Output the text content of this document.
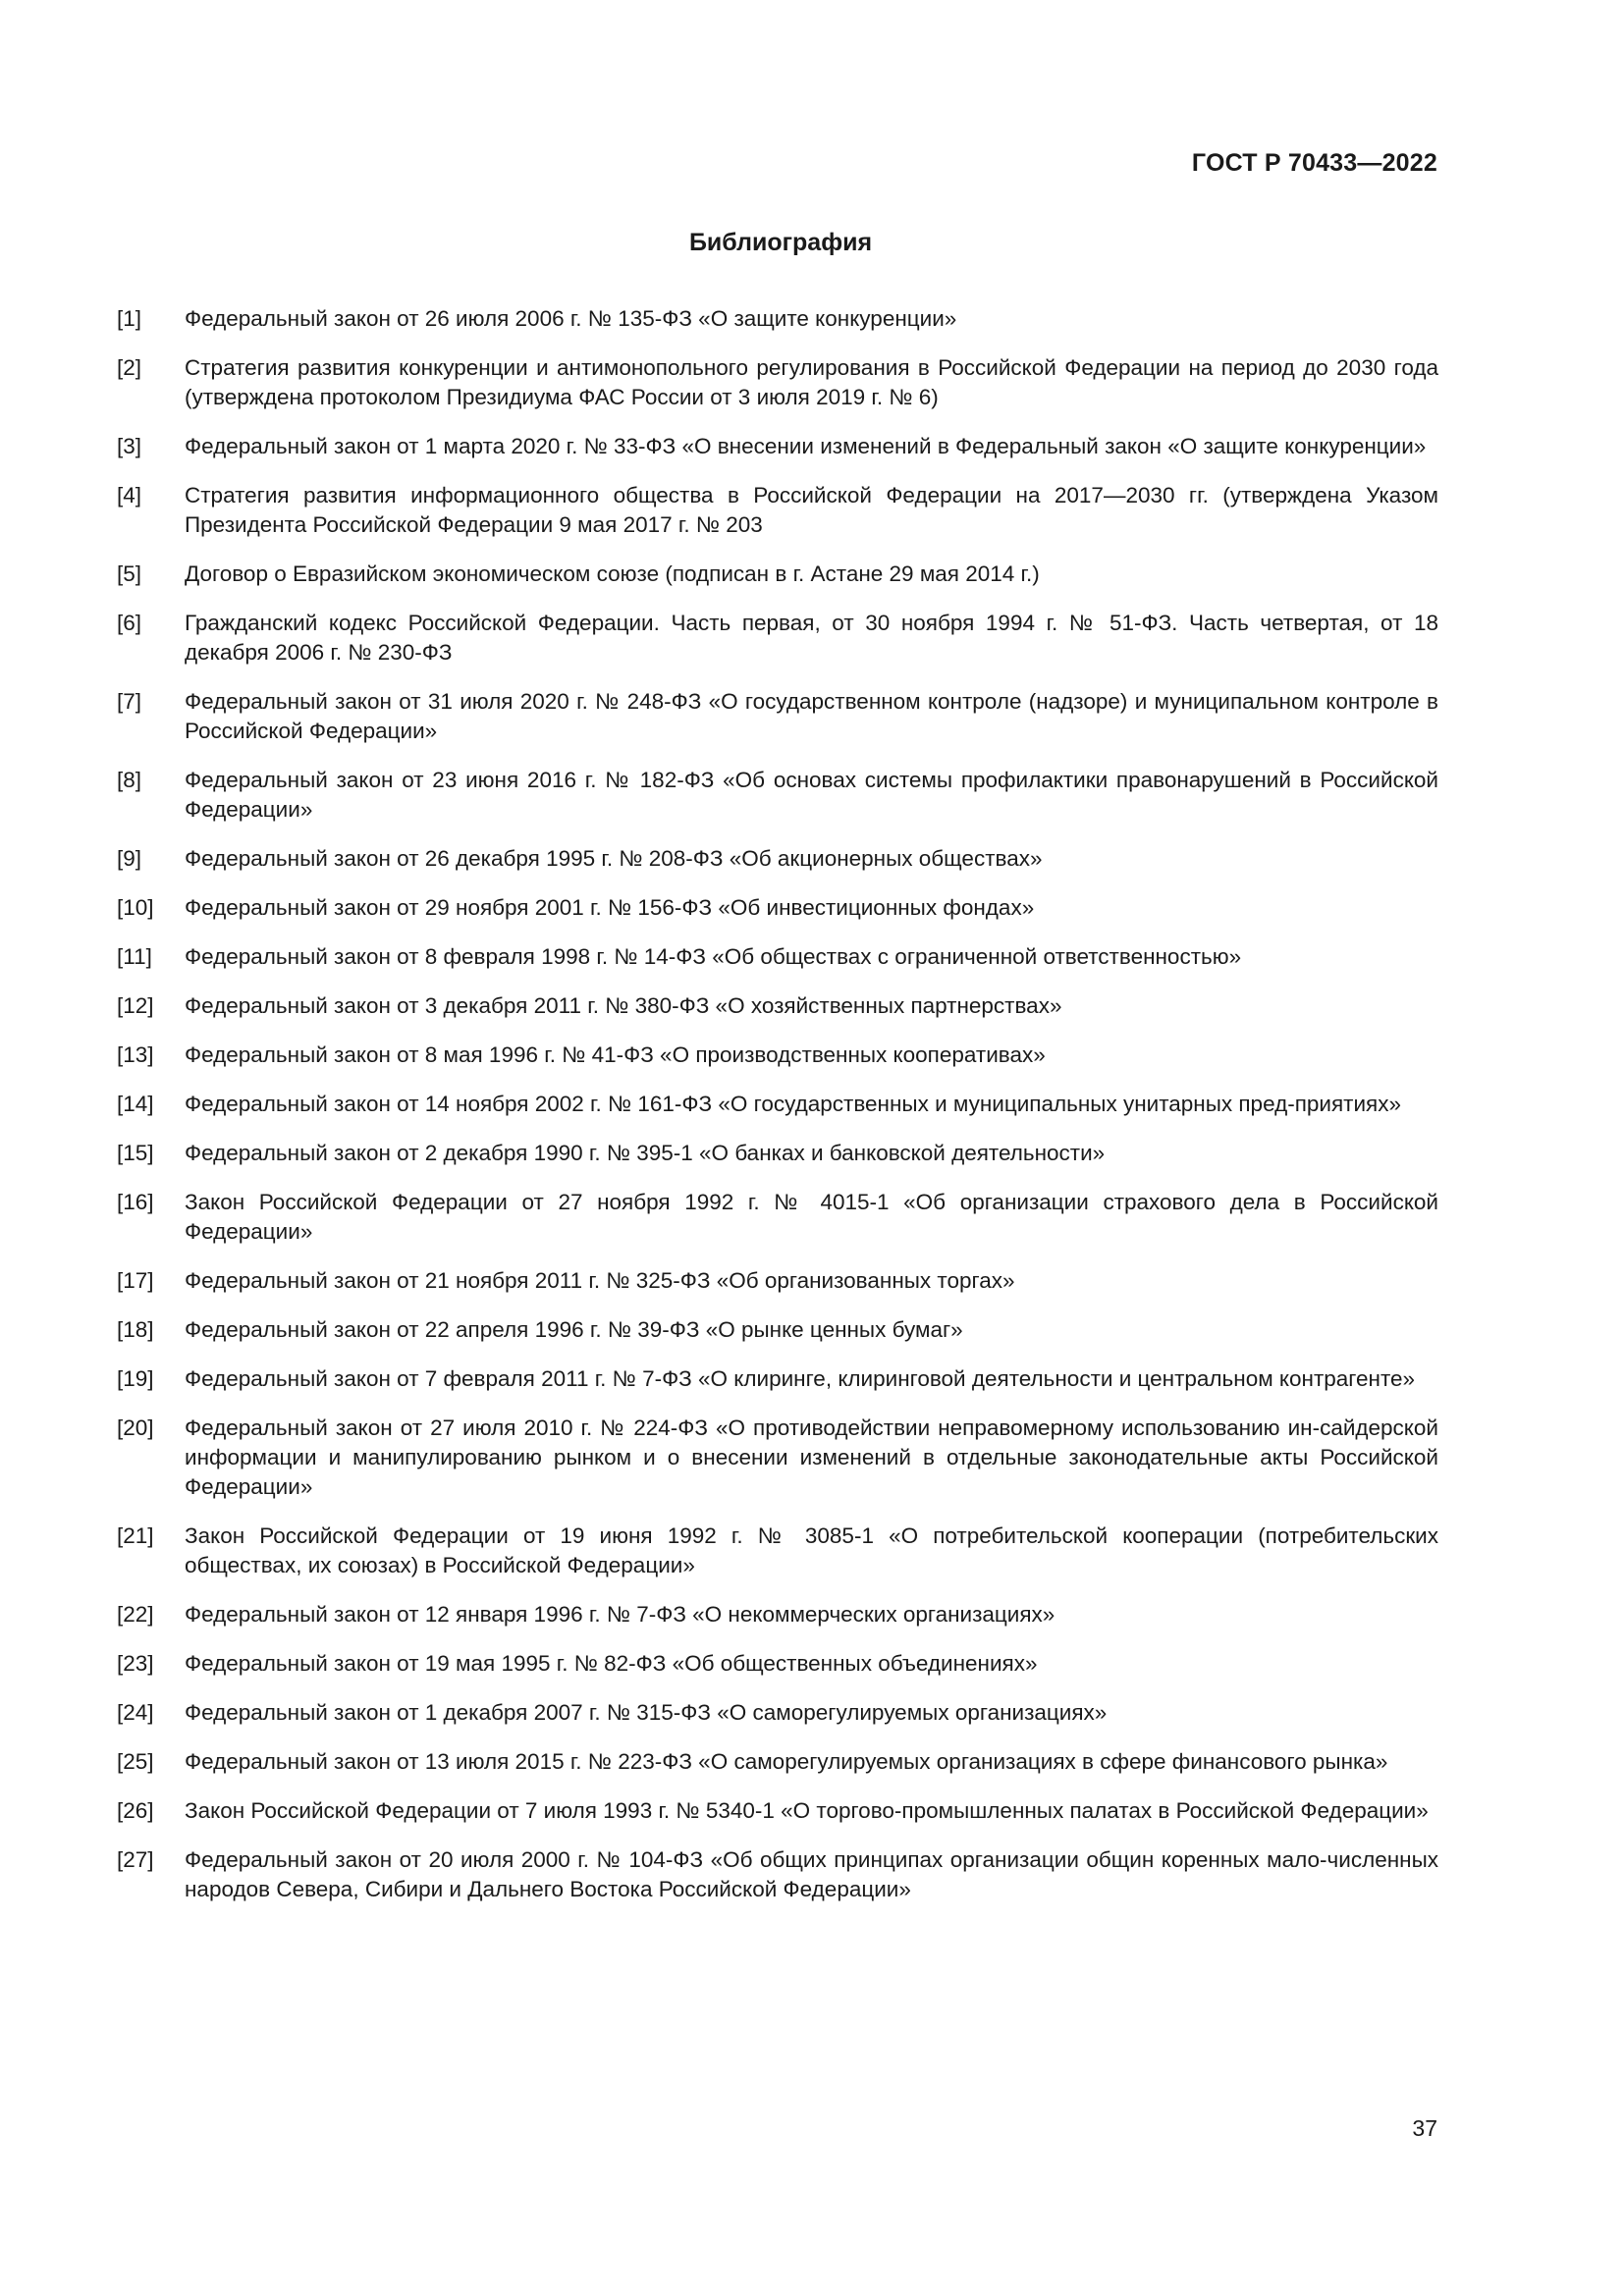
ГОСТ Р 70433—2022
Библиография
[1]	Федеральный закон от 26 июля 2006 г. № 135-ФЗ «О защите конкуренции»
[2]	Стратегия развития конкуренции и антимонопольного регулирования в Российской Федерации на период до 2030 года (утверждена протоколом Президиума ФАС России от 3 июля 2019 г. № 6)
[3]	Федеральный закон от 1 марта 2020 г. № 33-ФЗ «О внесении изменений в Федеральный закон «О защите конкуренции»
[4]	Стратегия развития информационного общества в Российской Федерации на 2017—2030 гг. (утверждена Указом Президента Российской Федерации 9 мая 2017 г. № 203
[5]	Договор о Евразийском экономическом союзе (подписан в г. Астане 29 мая 2014 г.)
[6]	Гражданский кодекс Российской Федерации. Часть первая, от 30 ноября 1994 г. № 51-ФЗ. Часть четвертая, от 18 декабря 2006 г. № 230-ФЗ
[7]	Федеральный закон от 31 июля 2020 г. № 248-ФЗ «О государственном контроле (надзоре) и муниципальном контроле в Российской Федерации»
[8]	Федеральный закон от 23 июня 2016 г. № 182-ФЗ «Об основах системы профилактики правонарушений в Российской Федерации»
[9]	Федеральный закон от 26 декабря 1995 г. № 208-ФЗ «Об акционерных обществах»
[10]	Федеральный закон от 29 ноября 2001 г. № 156-ФЗ «Об инвестиционных фондах»
[11]	Федеральный закон от 8 февраля 1998 г. № 14-ФЗ «Об обществах с ограниченной ответственностью»
[12]	Федеральный закон от 3 декабря 2011 г. № 380-ФЗ «О хозяйственных партнерствах»
[13]	Федеральный закон от 8 мая 1996 г. № 41-ФЗ «О производственных кооперативах»
[14]	Федеральный закон от 14 ноября 2002 г. № 161-ФЗ «О государственных и муниципальных унитарных пред-приятиях»
[15]	Федеральный закон от 2 декабря 1990 г. № 395-1 «О банках и банковской деятельности»
[16]	Закон Российской Федерации от 27 ноября 1992 г. № 4015-1 «Об организации страхового дела в Российской Федерации»
[17]	Федеральный закон от 21 ноября 2011 г. № 325-ФЗ «Об организованных торгах»
[18]	Федеральный закон от 22 апреля 1996 г. № 39-ФЗ «О рынке ценных бумаг»
[19]	Федеральный закон от 7 февраля 2011 г. № 7-ФЗ «О клиринге, клиринговой деятельности и центральном контрагенте»
[20]	Федеральный закон от 27 июля 2010 г. № 224-ФЗ «О противодействии неправомерному использованию ин-сайдерской информации и манипулированию рынком и о внесении изменений в отдельные законодательные акты Российской Федерации»
[21]	Закон Российской Федерации от 19 июня 1992 г. № 3085-1 «О потребительской кооперации (потребительских обществах, их союзах) в Российской Федерации»
[22]	Федеральный закон от 12 января 1996 г. № 7-ФЗ «О некоммерческих организациях»
[23]	Федеральный закон от 19 мая 1995 г. № 82-ФЗ «Об общественных объединениях»
[24]	Федеральный закон от 1 декабря 2007 г. № 315-ФЗ «О саморегулируемых организациях»
[25]	Федеральный закон от 13 июля 2015 г. № 223-ФЗ «О саморегулируемых организациях в сфере финансового рынка»
[26]	Закон Российской Федерации от 7 июля 1993 г. № 5340-1 «О торгово-промышленных палатах в Российской Федерации»
[27]	Федеральный закон от 20 июля 2000 г. № 104-ФЗ «Об общих принципах организации общин коренных мало-численных народов Севера, Сибири и Дальнего Востока Российской Федерации»
37
